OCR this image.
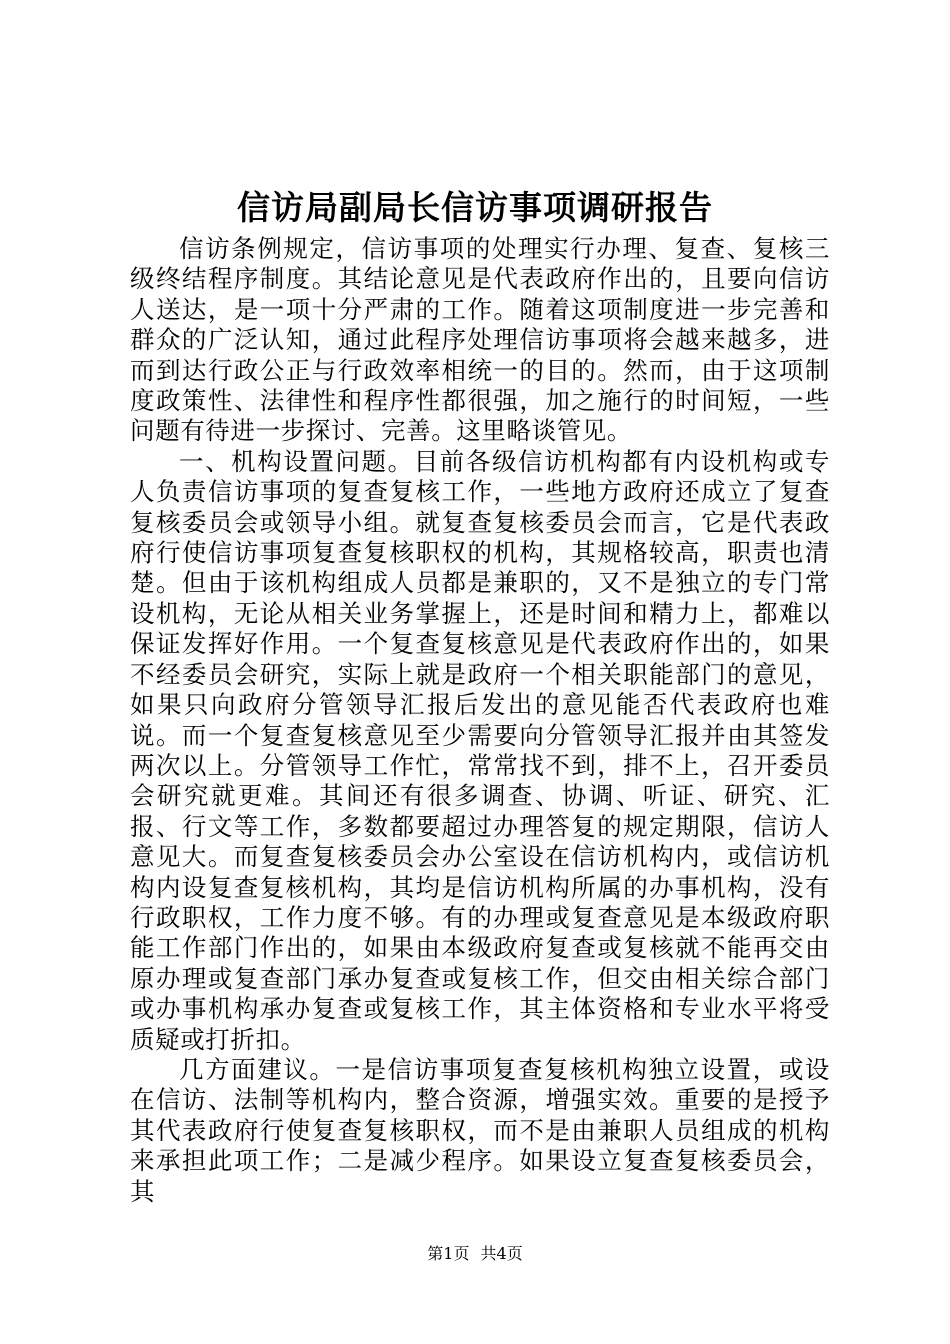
信访局副局长信访事项调研报告

信访条例规定，信访事项的处理实行办理、复查、复核三级终结程序制度。其结论意见是代表政府作出的，且要向信访人送达，是一项十分严肃的工作。随着这项制度进一步完善和群众的广泛认知，通过此程序处理信访事项将会越来越多，进而到达行政公正与行政效率相统一的目的。然而，由于这项制度政策性、法律性和程序性都很强，加之施行的时间短，一些问题有待进一步探讨、完善。这里略谈管见。

一、机构设置问题。目前各级信访机构都有内设机构或专人负责信访事项的复查复核工作，一些地方政府还成立了复查复核委员会或领导小组。就复查复核委员会而言，它是代表政府行使信访事项复查复核职权的机构，其规格较高，职责也清楚。但由于该机构组成人员都是兼职的，又不是独立的专门常设机构，无论从相关业务掌握上，还是时间和精力上，都难以保证发挥好作用。一个复查复核意见是代表政府作出的，如果不经委员会研究，实际上就是政府一个相关职能部门的意见，如果只向政府分管领导汇报后发出的意见能否代表政府也难说。而一个复查复核意见至少需要向分管领导汇报并由其签发两次以上。分管领导工作忙，常常找不到，排不上，召开委员会研究就更难。其间还有很多调查、协调、听证、研究、汇报、行文等工作，多数都要超过办理答复的规定期限，信访人意见大。而复查复核委员会办公室设在信访机构内，或信访机构内设复查复核机构，其均是信访机构所属的办事机构，没有行政职权，工作力度不够。有的办理或复查意见是本级政府职能工作部门作出的，如果由本级政府复查或复核就不能再交由原办理或复查部门承办复查或复核工作，但交由相关综合部门或办事机构承办复查或复核工作，其主体资格和专业水平将受质疑或打折扣。

几方面建议。一是信访事项复查复核机构独立设置，或设在信访、法制等机构内，整合资源，增强实效。重要的是授予其代表政府行使复查复核职权，而不是由兼职人员组成的机构来承担此项工作；二是减少程序。如果设立复查复核委员会，其

第1页 共4页
